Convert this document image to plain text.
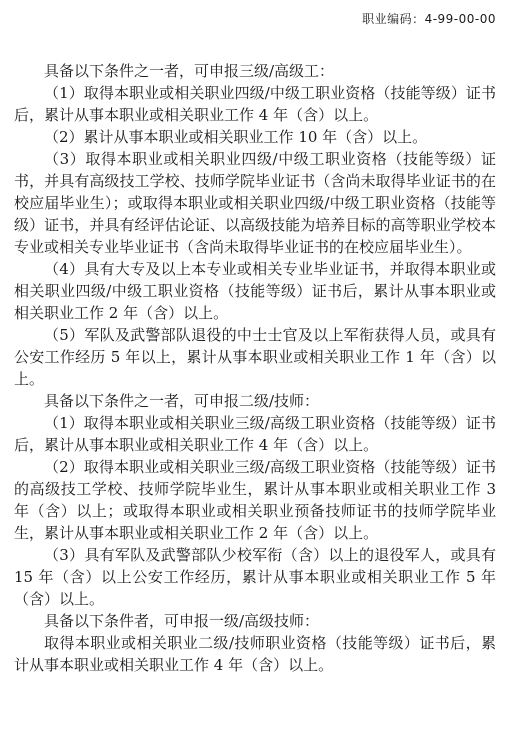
职业编码：4-99-00-00

具备以下条件之一者，可申报三级/高级工：

（1）取得本职业或相关职业四级/中级工职业资格（技能等级）证书后，累计从事本职业或相关职业工作 4 年（含）以上。

（2）累计从事本职业或相关职业工作 10 年（含）以上。

（3）取得本职业或相关职业四级/中级工职业资格（技能等级）证书，并具有高级技工学校、技师学院毕业证书（含尚未取得毕业证书的在校应届毕业生）；或取得本职业或相关职业四级/中级工职业资格（技能等级）证书，并具有经评估论证、以高级技能为培养目标的高等职业学校本专业或相关专业毕业证书（含尚未取得毕业证书的在校应届毕业生）。

（4）具有大专及以上本专业或相关专业毕业证书，并取得本职业或相关职业四级/中级工职业资格（技能等级）证书后，累计从事本职业或相关职业工作 2 年（含）以上。

（5）军队及武警部队退役的中士士官及以上军衔获得人员，或具有公安工作经历 5 年以上，累计从事本职业或相关职业工作 1 年（含）以上。

具备以下条件之一者，可申报二级/技师：

（1）取得本职业或相关职业三级/高级工职业资格（技能等级）证书后，累计从事本职业或相关职业工作 4 年（含）以上。

（2）取得本职业或相关职业三级/高级工职业资格（技能等级）证书的高级技工学校、技师学院毕业生，累计从事本职业或相关职业工作 3 年（含）以上；或取得本职业或相关职业预备技师证书的技师学院毕业生，累计从事本职业或相关职业工作 2 年（含）以上。

（3）具有军队及武警部队少校军衔（含）以上的退役军人，或具有 15 年（含）以上公安工作经历，累计从事本职业或相关职业工作 5 年（含）以上。

具备以下条件者，可申报一级/高级技师：

取得本职业或相关职业二级/技师职业资格（技能等级）证书后，累计从事本职业或相关职业工作 4 年（含）以上。
